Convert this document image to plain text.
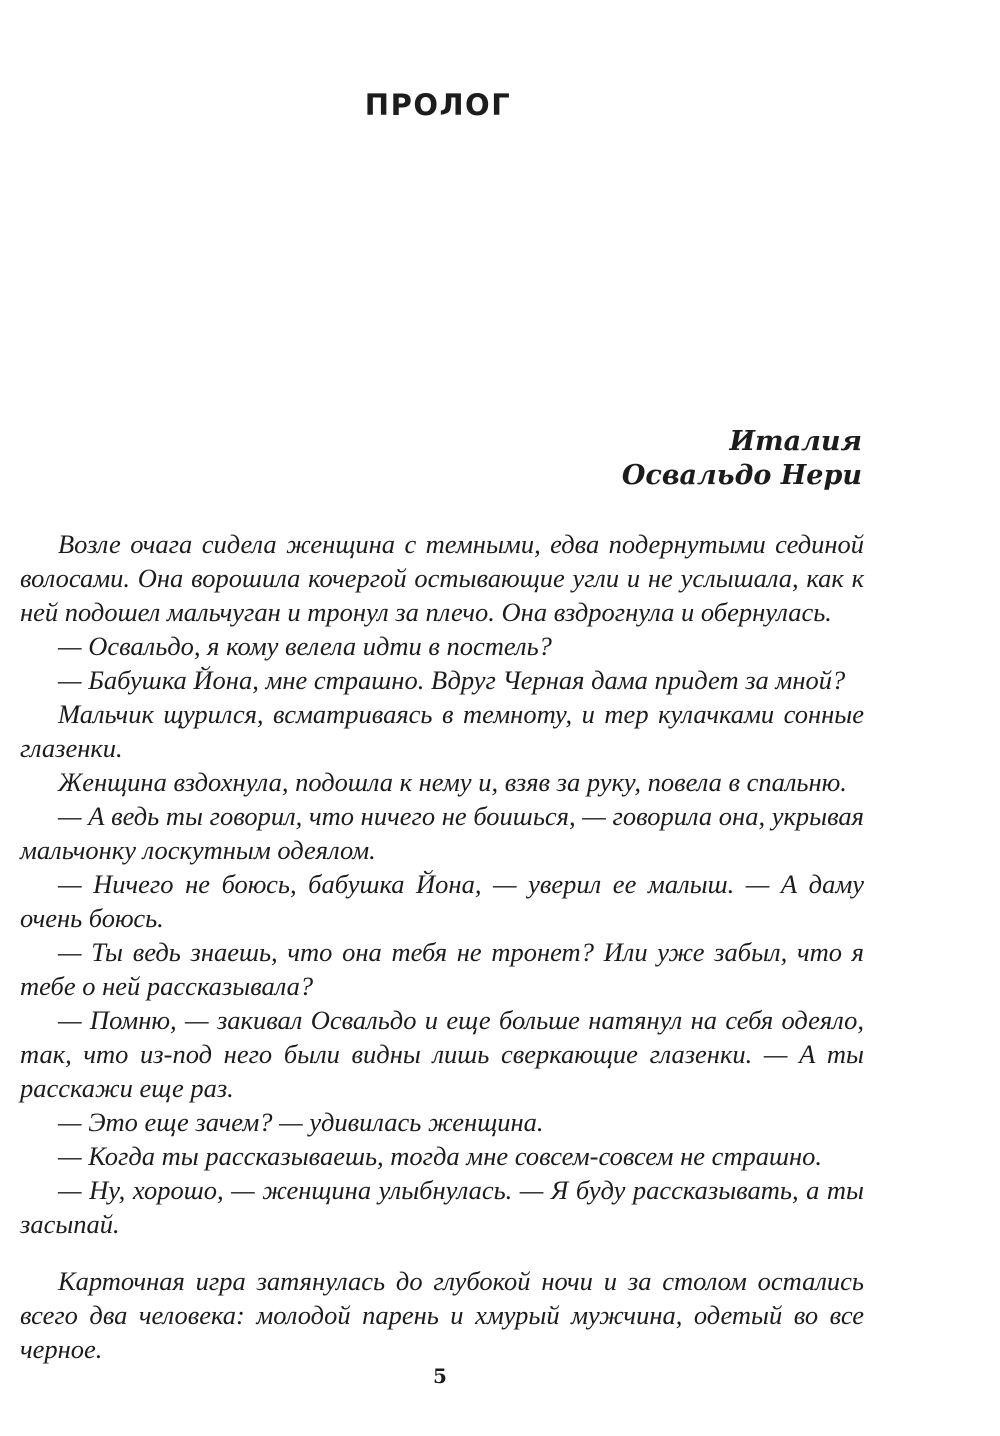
ПРОЛОГ
Италия
Освальдо Нери

Возле очага сидела женщина с темными, едва подернутыми сединой волосами. Она ворошила кочергой остывающие угли и не услышала, как к ней подошел мальчуган и тронул за плечо. Она вздрогнула и обернулась.

— Освальдо, я кому велела идти в постель?

— Бабушка Йона, мне страшно. Вдруг Черная дама придет за мной?

Мальчик щурился, всматриваясь в темноту, и тер кулачками сонные глазенки.

Женщина вздохнула, подошла к нему и, взяв за руку, повела в спальню.

— А ведь ты говорил, что ничего не боишься, — говорила она, укрывая мальчонку лоскутным одеялом.

— Ничего не боюсь, бабушка Йона, — уверил ее малыш. — А даму очень боюсь.

— Ты ведь знаешь, что она тебя не тронет? Или уже забыл, что я тебе о ней рассказывала?

— Помню, — закивал Освальдо и еще больше натянул на себя одеяло, так, что из-под него были видны лишь сверкающие глазенки. — А ты расскажи еще раз.

— Это еще зачем? — удивилась женщина.

— Когда ты рассказываешь, тогда мне совсем-совсем не страшно.

— Ну, хорошо, — женщина улыбнулась. — Я буду рассказывать, а ты засыпай.

Карточная игра затянулась до глубокой ночи и за столом остались всего два человека: молодой парень и хмурый мужчина, одетый во все черное.

5
